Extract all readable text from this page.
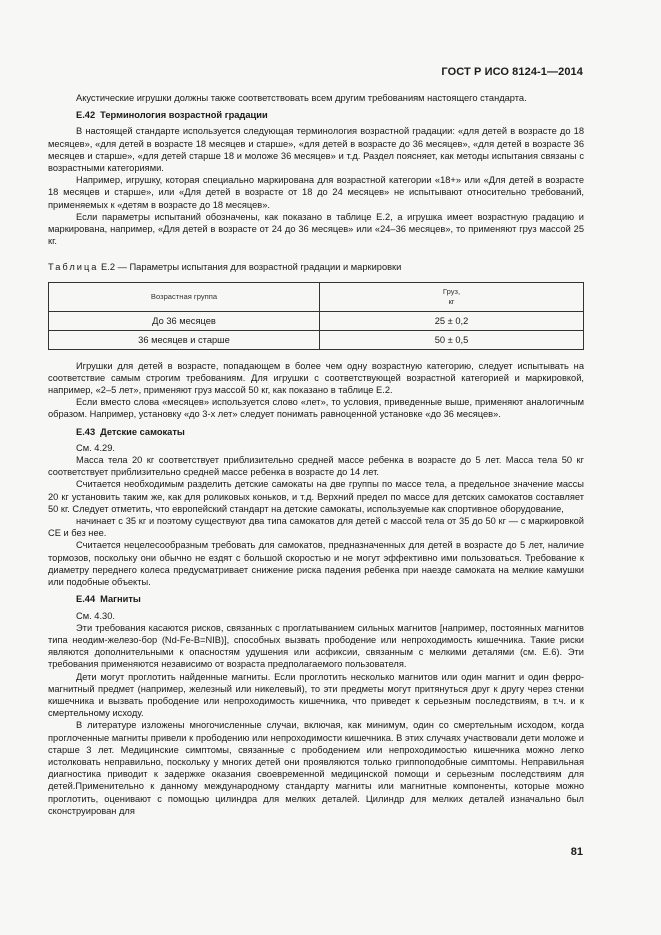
ГОСТ Р ИСО 8124-1—2014

Акустические игрушки должны также соответствовать всем другим требованиям настоящего стандарта.

Е.42 Терминология возрастной градации

В настоящей стандарте используется следующая терминология возрастной градации: «для детей в возрасте до 18 месяцев», «для детей в возрасте 18 месяцев и старше», «для детей в возрасте до 36 месяцев», «для детей в возрасте 36 месяцев и старше», «для детей старше 18 и моложе 36 месяцев» и т.д. Раздел поясняет, как методы испытания связаны с возрастными категориями.

Например, игрушку, которая специально маркирована для возрастной категории «18+» или «Для детей в возрасте 18 месяцев и старше», или «Для детей в возрасте от 18 до 24 месяцев» не испытывают относительно требований, применяемых к «детям в возрасте до 18 месяцев».

Если параметры испытаний обозначены, как показано в таблице Е.2, а игрушка имеет возрастную градацию и маркирована, например, «Для детей в возрасте от 24 до 36 месяцев» или «24–36 месяцев», то применяют груз массой 25 кг.

Таблица Е.2 — Параметры испытания для возрастной градации и маркировки
Возрастная группа	Груз,
кг
До 36 месяцев	25 ± 0,2
36 месяцев и старше	50 ± 0,5

Игрушки для детей в возрасте, попадающем в более чем одну возрастную категорию, следует испытывать на соответствие самым строгим требованиям. Для игрушки с соответствующей возрастной категорией и маркировкой, например, «2–5 лет», применяют груз массой 50 кг, как показано в таблице Е.2.

Если вместо слова «месяцев» используется слово «лет», то условия, приведенные выше, применяют аналогичным образом. Например, установку «до 3-х лет» следует понимать равноценной установке «до 36 месяцев».

Е.43 Детские самокаты

См. 4.29.

Масса тела 20 кг соответствует приблизительно средней массе ребенка в возрасте до 5 лет. Масса тела 50 кг соответствует приблизительно средней массе ребенка в возрасте до 14 лет.

Считается необходимым разделить детские самокаты на две группы по массе тела, а предельное значение массы 20 кг установить таким же, как для роликовых коньков, и т.д. Верхний предел по массе для детских самокатов составляет 50 кг. Следует отметить, что европейский стандарт на детские самокаты, используемые как спортивное оборудование,

начинает с 35 кг и поэтому существуют два типа самокатов для детей с массой тела от 35 до 50 кг — с маркировкой СЕ и без нее.

Считается нецелесообразным требовать для самокатов, предназначенных для детей в возрасте до 5 лет, наличие тормозов, поскольку они обычно не ездят с большой скоростью и не могут эффективно ими пользоваться. Требование к диаметру переднего колеса предусматривает снижение риска падения ребенка при наезде самоката на мелкие камушки или подобные объекты.

Е.44 Магниты

См. 4.30.

Эти требования касаются рисков, связанных с проглатыванием сильных магнитов [например, постоянных магнитов типа неодим-железо-бор (Nd-Fe-B=NIB)], способных вызвать прободение или непроходимость кишечника. Такие риски являются дополнительными к опасностям удушения или асфиксии, связанным с мелкими деталями (см. Е.6). Эти требования применяются независимо от возраста предполагаемого пользователя.

Дети могут проглотить найденные магниты. Если проглотить несколько магнитов или один магнит и один ферро-магнитный предмет (например, железный или никелевый), то эти предметы могут притянуться друг к другу через стенки кишечника и вызвать прободение или непроходимость кишечника, что приведет к серьезным последствиям, в т.ч. и к смертельному исходу.

В литературе изложены многочисленные случаи, включая, как минимум, один со смертельным исходом, когда проглоченные магниты привели к прободению или непроходимости кишечника. В этих случаях участвовали дети моложе и старше 3 лет. Медицинские симптомы, связанные с прободением или непроходимостью кишечника можно легко истолковать неправильно, поскольку у многих детей они проявляются только гриппоподобные симптомы. Неправильная диагностика приводит к задержке оказания своевременной медицинской помощи и серьезным последствиям для детей.Применительно к данному международному стандарту магниты или магнитные компоненты, которые можно проглотить, оценивают с помощью цилиндра для мелких деталей. Цилиндр для мелких деталей изначально был сконструирован для

81
